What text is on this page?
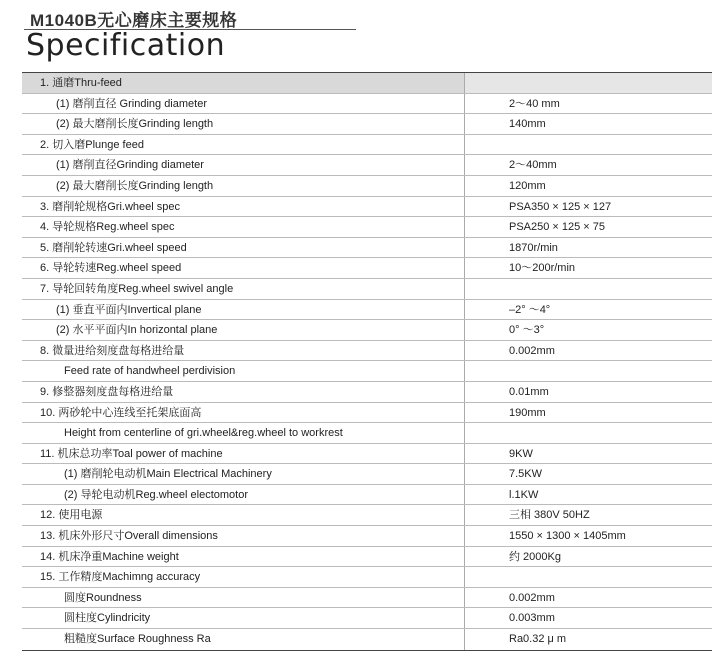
M1040B无心磨床主要规格
Specification
1. 通磨Thru-feed
(1) 磨削直径 Grinding diameter	2～40 mm
(2) 最大磨削长度Grinding length	140mm
2. 切入磨Plunge feed
(1) 磨削直径Grinding diameter	2～40mm
(2) 最大磨削长度Grinding length	120mm
3. 磨削轮规格Gri.wheel spec	PSA350 × 125 × 127
4. 导轮规格Reg.wheel spec	PSA250 × 125 × 75
5. 磨削轮转速Gri.wheel speed	1870r/min
6. 导轮转速Reg.wheel speed	10～200r/min
7. 导轮回转角度Reg.wheel swivel angle
(1) 垂直平面内Invertical plane	–2° ～4°
(2) 水平平面内In horizontal plane	0° ～3°
8. 微量进给刻度盘每格进给量	0.002mm
Feed rate of handwheel perdivision
9. 修整器刻度盘每格进给量	0.01mm
10. 两砂轮中心连线至托架底面高	190mm
Height from centerline of gri.wheel&reg.wheel to workrest
11. 机床总功率Toal power of machine	9KW
(1) 磨削轮电动机Main Electrical Machinery	7.5KW
(2) 导轮电动机Reg.wheel electomotor	l.1KW
12. 使用电源	三相 380V 50HZ
13. 机床外形尺寸Overall dimensions	1550 × 1300 × 1405mm
14. 机床净重Machine weight	约 2000Kg
15. 工作精度Machimng accuracy
圆度Roundness	0.002mm
圆柱度Cylindricity	0.003mm
粗糙度Surface Roughness Ra	Ra0.32 μ m
